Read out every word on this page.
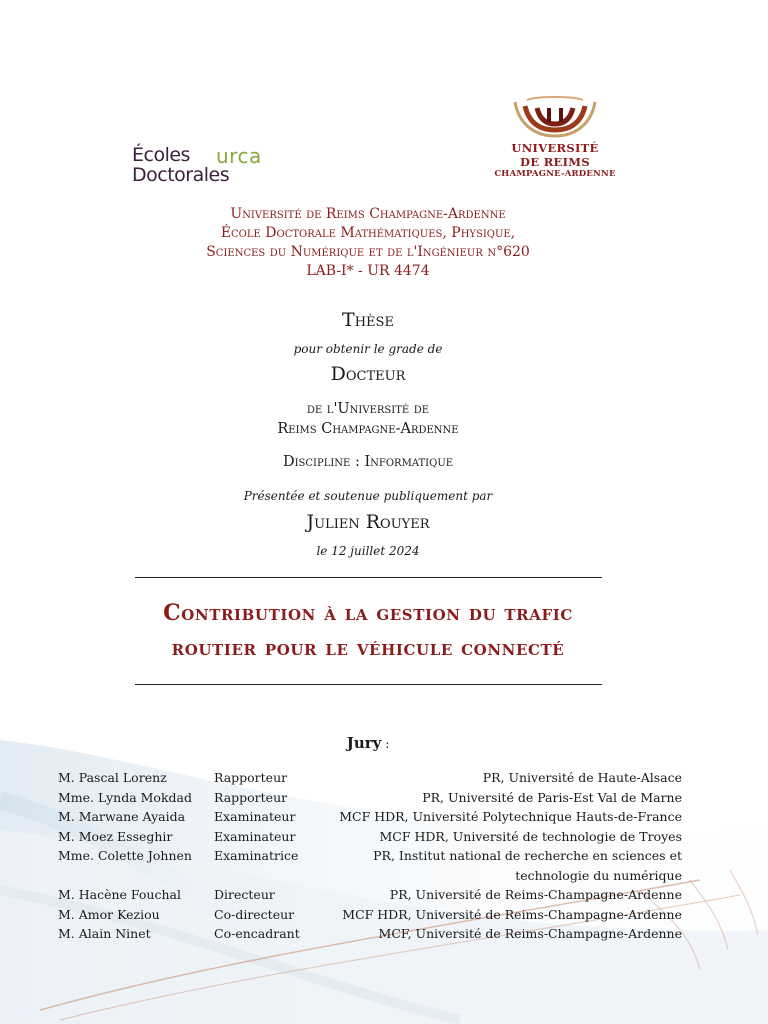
Écoles
Doctorales
urca	UNIVERSITÉ
DE REIMS
CHAMPAGNE-ARDENNE
Université de Reims Champagne-Ardenne
École Doctorale Mathématiques, Physique,
Sciences du Numérique et de l'Ingénieur n°620
LAB-I* - UR 4474
Thèse
pour obtenir le grade de
Docteur
de l'Université de
Reims Champagne-Ardenne
Discipline : Informatique
Présentée et soutenue publiquement par
Julien Rouyer
le 12 juillet 2024
Contribution à la gestion du trafic
routier pour le véhicule connecté
Jury :
M. Pascal Lorenz	Rapporteur	PR, Université de Haute-Alsace
Mme. Lynda Mokdad	Rapporteur	PR, Université de Paris-Est Val de Marne
M. Marwane Ayaida	Examinateur	MCF HDR, Université Polytechnique Hauts-de-France
M. Moez Esseghir	Examinateur	MCF HDR, Université de technologie de Troyes
Mme. Colette Johnen	Examinatrice	PR, Institut national de recherche en sciences et
technologie du numérique
M. Hacène Fouchal	Directeur	PR, Université de Reims-Champagne-Ardenne
M. Amor Keziou	Co-directeur	MCF HDR, Université de Reims-Champagne-Ardenne
M. Alain Ninet	Co-encadrant	MCF, Université de Reims-Champagne-Ardenne
